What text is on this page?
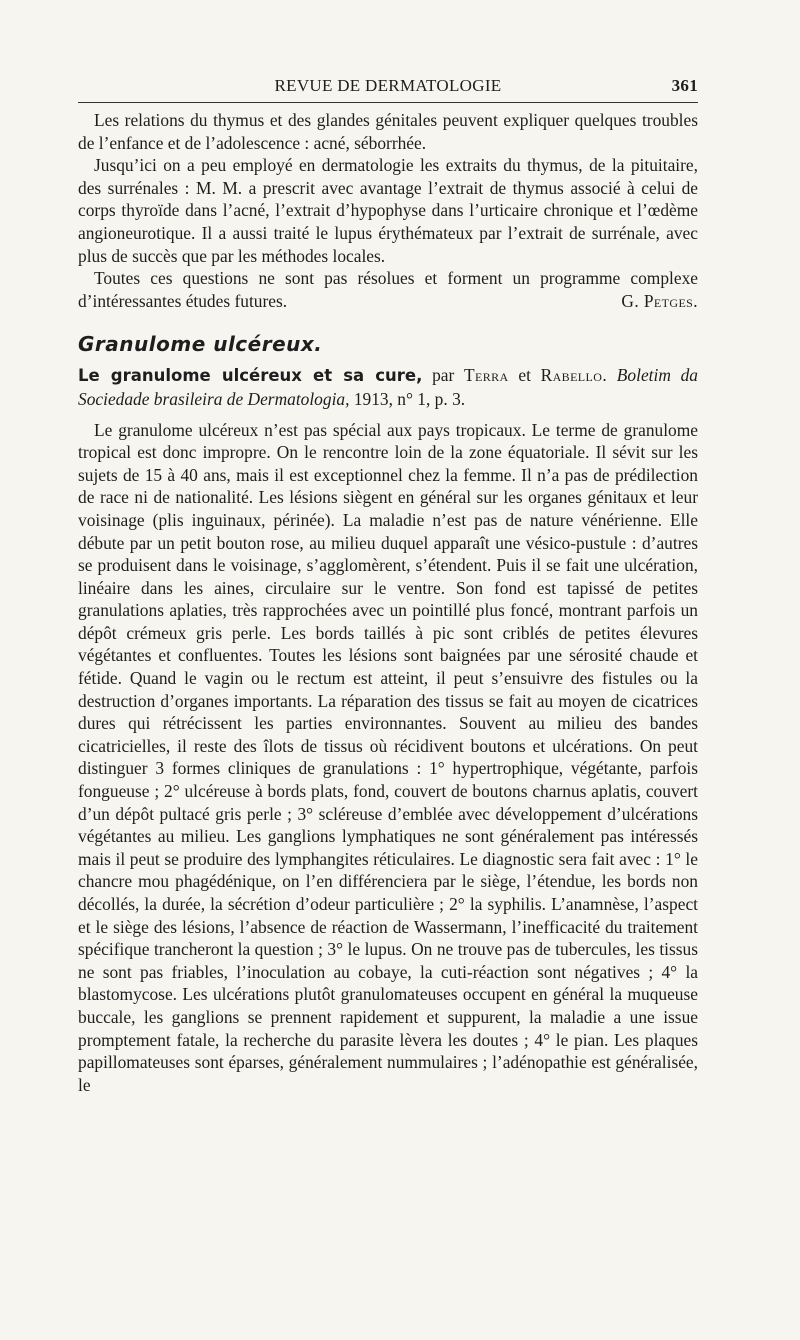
REVUE DE DERMATOLOGIE	361

Les relations du thymus et des glandes génitales peuvent expliquer quelques troubles de l’enfance et de l’adolescence : acné, séborrhée.

Jusqu’ici on a peu employé en dermatologie les extraits du thymus, de la pituitaire, des surrénales : M. M. a prescrit avec avantage l’extrait de thymus associé à celui de corps thyroïde dans l’acné, l’extrait d’hypophyse dans l’urticaire chronique et l’œdème angioneurotique. Il a aussi traité le lupus érythémateux par l’extrait de surrénale, avec plus de succès que par les méthodes locales.

Toutes ces questions ne sont pas résolues et forment un programme complexe d’intéressantes études futures.	G. Petges.

Granulome ulcéreux.

Le granulome ulcéreux et sa cure, par Terra et Rabello. Boletim da Sociedade brasileira de Dermatologia, 1913, n° 1, p. 3.

Le granulome ulcéreux n’est pas spécial aux pays tropicaux. Le terme de granulome tropical est donc impropre. On le rencontre loin de la zone équatoriale. Il sévit sur les sujets de 15 à 40 ans, mais il est exceptionnel chez la femme. Il n’a pas de prédilection de race ni de nationalité. Les lésions siègent en général sur les organes génitaux et leur voisinage (plis inguinaux, périnée). La maladie n’est pas de nature vénérienne. Elle débute par un petit bouton rose, au milieu duquel apparaît une vésico-pustule : d’autres se produisent dans le voisinage, s’agglomèrent, s’étendent. Puis il se fait une ulcération, linéaire dans les aines, circulaire sur le ventre. Son fond est tapissé de petites granulations aplaties, très rapprochées avec un pointillé plus foncé, montrant parfois un dépôt crémeux gris perle. Les bords taillés à pic sont criblés de petites élevures végétantes et confluentes. Toutes les lésions sont baignées par une sérosité chaude et fétide. Quand le vagin ou le rectum est atteint, il peut s’ensuivre des fistules ou la destruction d’organes importants. La réparation des tissus se fait au moyen de cicatrices dures qui rétrécissent les parties environnantes. Souvent au milieu des bandes cicatricielles, il reste des îlots de tissus où récidivent boutons et ulcérations. On peut distinguer 3 formes cliniques de granulations : 1° hypertrophique, végétante, parfois fongueuse ; 2° ulcéreuse à bords plats, fond, couvert de boutons charnus aplatis, couvert d’un dépôt pultacé gris perle ; 3° scléreuse d’emblée avec développement d’ulcérations végétantes au milieu. Les ganglions lymphatiques ne sont généralement pas intéressés mais il peut se produire des lymphangites réticulaires. Le diagnostic sera fait avec : 1° le chancre mou phagédénique, on l’en différenciera par le siège, l’étendue, les bords non décollés, la durée, la sécrétion d’odeur particulière ; 2° la syphilis. L’anamnèse, l’aspect et le siège des lésions, l’absence de réaction de Wassermann, l’inefficacité du traitement spécifique trancheront la question ; 3° le lupus. On ne trouve pas de tubercules, les tissus ne sont pas friables, l’inoculation au cobaye, la cuti-réaction sont négatives ; 4° la blastomycose. Les ulcérations plutôt granulomateuses occupent en général la muqueuse buccale, les ganglions se prennent rapidement et suppurent, la maladie a une issue promptement fatale, la recherche du parasite lèvera les doutes ; 4° le pian. Les plaques papillomateuses sont éparses, généralement nummulaires ; l’adénopathie est généralisée, le
